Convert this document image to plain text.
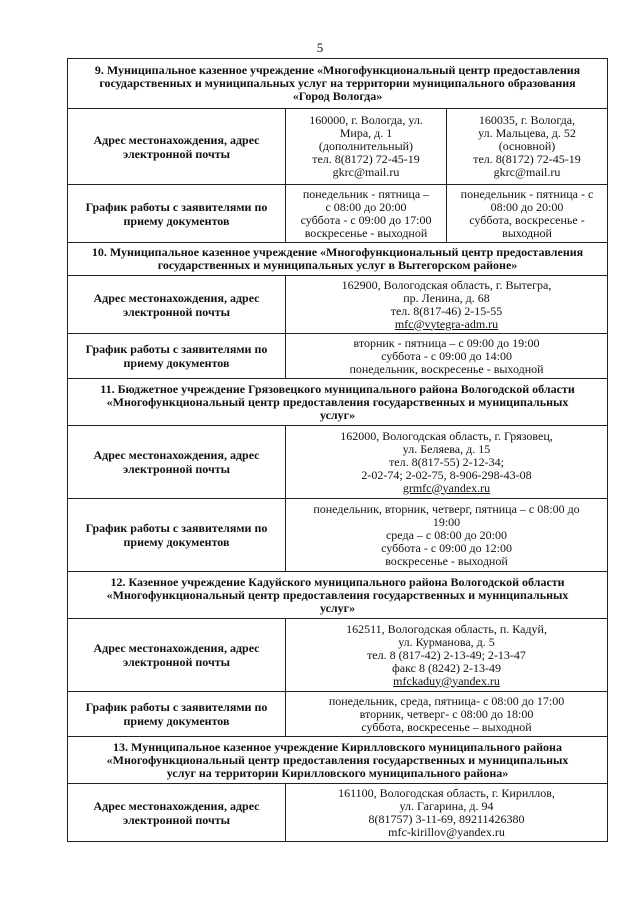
5
9. Муниципальное казенное учреждение «Многофункциональный центр предоставления
государственных и муниципальных услуг на территории муниципального образования
«Город Вологда»		

Адрес местонахождения, адрес
электронной почты	160000, г. Вологда, ул.
Мира, д. 1
(дополнительный)
тел. 8(8172) 72-45-19
gkrc@mail.ru	160035, г. Вологда,
ул. Мальцева, д. 52
(основной)
тел. 8(8172) 72-45-19
gkrc@mail.ru

График работы с заявителями по
приему документов	понедельник - пятница –
с 08:00 до 20:00
суббота - с 09:00 до 17:00
воскресенье - выходной	понедельник - пятница - с
08:00 до 20:00
суббота, воскресенье -
выходной

10. Муниципальное казенное учреждение «Многофункциональный центр предоставления
государственных и муниципальных услуг в Вытегорском районе»		

Адрес местонахождения, адрес
электронной почты	162900, Вологодская область, г. Вытегра,
пр. Ленина, д. 68
тел. 8(817-46) 2-15-55
mfc@vytegra-adm.ru	

График работы с заявителями по
приему документов	вторник - пятница – с 09:00 до 19:00
суббота - с 09:00 до 14:00
понедельник, воскресенье - выходной	

11. Бюджетное учреждение Грязовецкого муниципального района Вологодской области
«Многофункциональный центр предоставления государственных и муниципальных
услуг»		

Адрес местонахождения, адрес
электронной почты	162000, Вологодская область, г. Грязовец,
ул. Беляева, д. 15
тел. 8(817-55) 2-12-34;
2-02-74; 2-02-75, 8-906-298-43-08
grmfc@yandex.ru	

График работы с заявителями по
приему документов	понедельник, вторник, четверг, пятница – с 08:00 до
19:00
среда – с 08:00 до 20:00
суббота - с 09:00 до 12:00
воскресенье - выходной	

12. Казенное учреждение Кадуйского муниципального района Вологодской области
«Многофункциональный центр предоставления государственных и муниципальных
услуг»		

Адрес местонахождения, адрес
электронной почты	162511, Вологодская область, п. Кадуй,
ул. Курманова, д. 5
тел. 8 (817-42) 2-13-49; 2-13-47
факс 8 (8242) 2-13-49
mfckaduy@yandex.ru	

График работы с заявителями по
приему документов	понедельник, среда, пятница- с 08:00 до 17:00
вторник, четверг- с 08:00 до 18:00
суббота, воскресенье – выходной	

13. Муниципальное казенное учреждение Кирилловского муниципального района
«Многофункциональный центр предоставления государственных и муниципальных
услуг на территории Кирилловского муниципального района»		

Адрес местонахождения, адрес
электронной почты	161100, Вологодская область, г. Кириллов,
ул. Гагарина, д. 94
8(81757) 3-11-69, 89211426380
mfc-kirillov@yandex.ru	
